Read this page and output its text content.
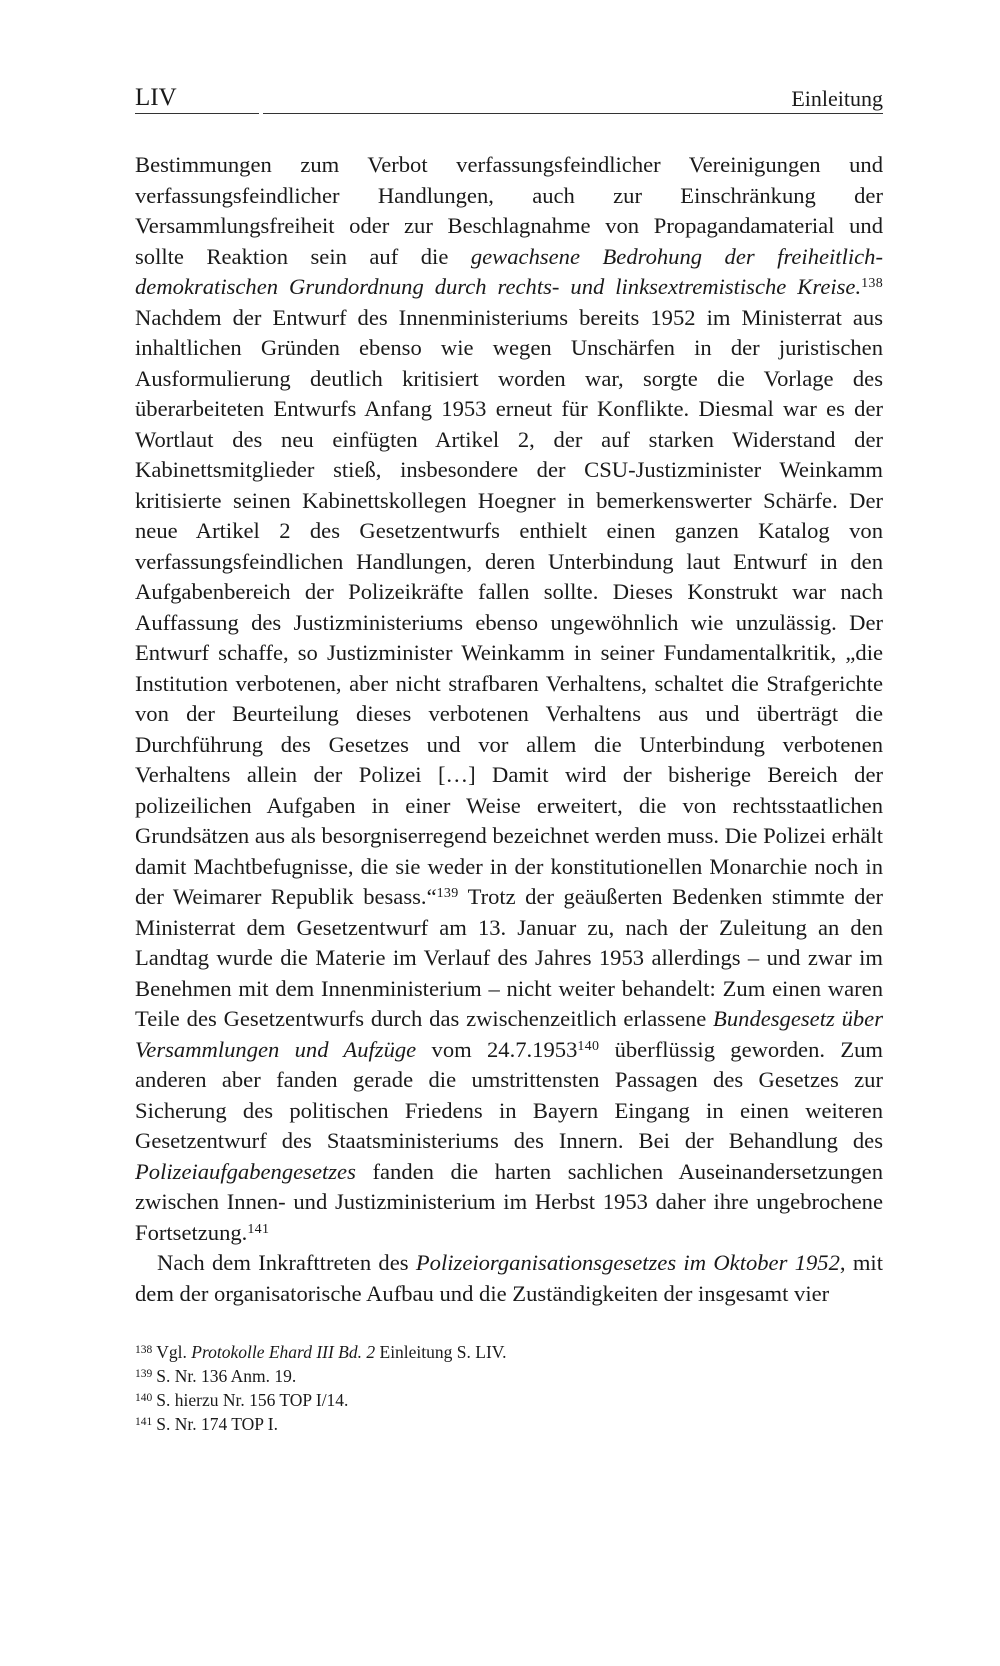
LIV	Einleitung

Bestimmungen zum Verbot verfassungsfeindlicher Vereinigungen und verfassungsfeindlicher Handlungen, auch zur Einschränkung der Versammlungsfreiheit oder zur Beschlagnahme von Propagandamaterial und sollte Reaktion sein auf die gewachsene Bedrohung der freiheitlich-demokratischen Grundordnung durch rechts- und linksextremistische Kreise.$^{138}$ Nachdem der Entwurf des Innenministeriums bereits 1952 im Ministerrat aus inhaltlichen Gründen ebenso wie wegen Unschärfen in der juristischen Ausformulierung deutlich kritisiert worden war, sorgte die Vorlage des überarbeiteten Entwurfs Anfang 1953 erneut für Konflikte. Diesmal war es der Wortlaut des neu einfügten Artikel 2, der auf starken Widerstand der Kabinettsmitglieder stieß, insbesondere der CSU-Justizminister Weinkamm kritisierte seinen Kabinettskollegen Hoegner in bemerkenswerter Schärfe. Der neue Artikel 2 des Gesetzentwurfs enthielt einen ganzen Katalog von verfassungsfeindlichen Handlungen, deren Unterbindung laut Entwurf in den Aufgabenbereich der Polizeikräfte fallen sollte. Dieses Konstrukt war nach Auffassung des Justizministeriums ebenso ungewöhnlich wie unzulässig. Der Entwurf schaffe, so Justizminister Weinkamm in seiner Fundamentalkritik, „die Institution verbotenen, aber nicht strafbaren Verhaltens, schaltet die Strafgerichte von der Beurteilung dieses verbotenen Verhaltens aus und überträgt die Durchführung des Gesetzes und vor allem die Unterbindung verbotenen Verhaltens allein der Polizei […] Damit wird der bisherige Bereich der polizeilichen Aufgaben in einer Weise erweitert, die von rechtsstaatlichen Grundsätzen aus als besorgniserregend bezeichnet werden muss. Die Polizei erhält damit Machtbefugnisse, die sie weder in der konstitutionellen Monarchie noch in der Weimarer Republik besass.“$^{139}$ Trotz der geäußerten Bedenken stimmte der Ministerrat dem Gesetzentwurf am 13. Januar zu, nach der Zuleitung an den Landtag wurde die Materie im Verlauf des Jahres 1953 allerdings – und zwar im Benehmen mit dem Innenministerium – nicht weiter behandelt: Zum einen waren Teile des Gesetzentwurfs durch das zwischenzeitlich erlassene Bundesgesetz über Versammlungen und Aufzüge vom 24.7.1953$^{140}$ überflüssig geworden. Zum anderen aber fanden gerade die umstrittensten Passagen des Gesetzes zur Sicherung des politischen Friedens in Bayern Eingang in einen weiteren Gesetzentwurf des Staatsministeriums des Innern. Bei der Behandlung des Polizeiaufgabengesetzes fanden die harten sachlichen Auseinandersetzungen zwischen Innen- und Justizministerium im Herbst 1953 daher ihre ungebrochene Fortsetzung.$^{141}$

Nach dem Inkrafttreten des Polizeiorganisationsgesetzes im Oktober 1952, mit dem der organisatorische Aufbau und die Zuständigkeiten der insgesamt vier

$^{138}$ Vgl. Protokolle Ehard III Bd. 2 Einleitung S. LIV.

$^{139}$ S. Nr. 136 Anm. 19.

$^{140}$ S. hierzu Nr. 156 TOP I/14.

$^{141}$ S. Nr. 174 TOP I.
